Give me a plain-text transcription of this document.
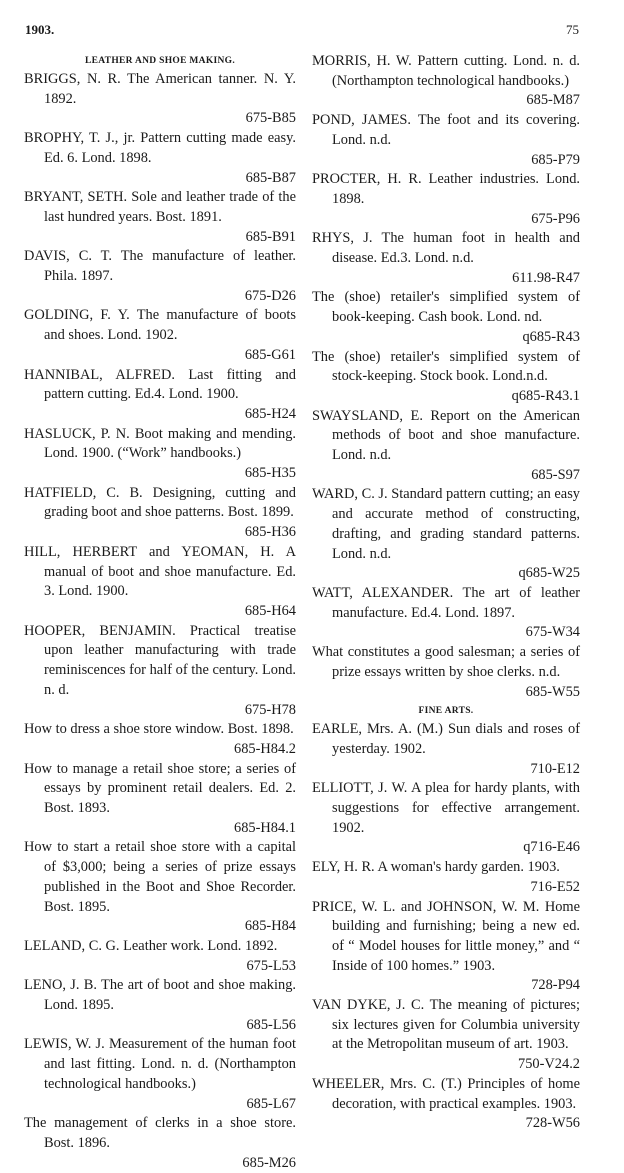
1903.	75
LEATHER AND SHOE MAKING.
BRIGGS, N. R. The American tanner. N. Y. 1892.
675-B85
BROPHY, T. J., jr. Pattern cutting made easy. Ed. 6. Lond. 1898.
685-B87
BRYANT, SETH. Sole and leather trade of the last hundred years. Bost. 1891.
685-B91
DAVIS, C. T. The manufacture of leather. Phila. 1897.
675-D26
GOLDING, F. Y. The manufacture of boots and shoes. Lond. 1902.
685-G61
HANNIBAL, ALFRED. Last fitting and pattern cutting. Ed.4. Lond. 1900.
685-H24
HASLUCK, P. N. Boot making and mending. Lond. 1900. (“Work” handbooks.)
685-H35
HATFIELD, C. B. Designing, cutting and grading boot and shoe patterns. Bost. 1899.
685-H36
HILL, HERBERT and YEOMAN, H. A manual of boot and shoe manufacture. Ed. 3. Lond. 1900.
685-H64
HOOPER, BENJAMIN. Practical treatise upon leather manufacturing with trade reminiscences for half of the century. Lond. n. d.
675-H78
How to dress a shoe store window. Bost. 1898.
685-H84.2
How to manage a retail shoe store; a series of essays by prominent retail dealers. Ed. 2. Bost. 1893.
685-H84.1
How to start a retail shoe store with a capital of $3,000; being a series of prize essays published in the Boot and Shoe Recorder. Bost. 1895.
685-H84
LELAND, C. G. Leather work. Lond. 1892.
675-L53
LENO, J. B. The art of boot and shoe making. Lond. 1895.
685-L56
LEWIS, W. J. Measurement of the human foot and last fitting. Lond. n. d. (Northampton technological handbooks.)
685-L67
The management of clerks in a shoe store. Bost. 1896.
685-M26
MORRIS, H. W. Pattern cutting. Lond. n. d. (Northampton technological handbooks.)
685-M87
POND, JAMES. The foot and its covering. Lond. n.d.
685-P79
PROCTER, H. R. Leather industries. Lond. 1898.
675-P96
RHYS, J. The human foot in health and disease. Ed.3. Lond. n.d.
611.98-R47
The (shoe) retailer's simplified system of book-keeping. Cash book. Lond. nd.
q685-R43
The (shoe) retailer's simplified system of stock-keeping. Stock book. Lond.n.d.
q685-R43.1
SWAYSLAND, E. Report on the American methods of boot and shoe manufacture. Lond. n.d.
685-S97
WARD, C. J. Standard pattern cutting; an easy and accurate method of constructing, drafting, and grading standard patterns. Lond. n.d.
q685-W25
WATT, ALEXANDER. The art of leather manufacture. Ed.4. Lond. 1897.
675-W34
What constitutes a good salesman; a series of prize essays written by shoe clerks. n.d.
685-W55
FINE ARTS.
EARLE, Mrs. A. (M.) Sun dials and roses of yesterday. 1902.
710-E12
ELLIOTT, J. W. A plea for hardy plants, with suggestions for effective arrangement. 1902.
q716-E46
ELY, H. R. A woman's hardy garden. 1903.
716-E52
PRICE, W. L. and JOHNSON, W. M. Home building and furnishing; being a new ed. of “ Model houses for little money,” and “ Inside of 100 homes.” 1903.
728-P94
VAN DYKE, J. C. The meaning of pictures; six lectures given for Columbia university at the Metropolitan museum of art. 1903.
750-V24.2
WHEELER, Mrs. C. (T.) Principles of home decoration, with practical examples. 1903.
728-W56
